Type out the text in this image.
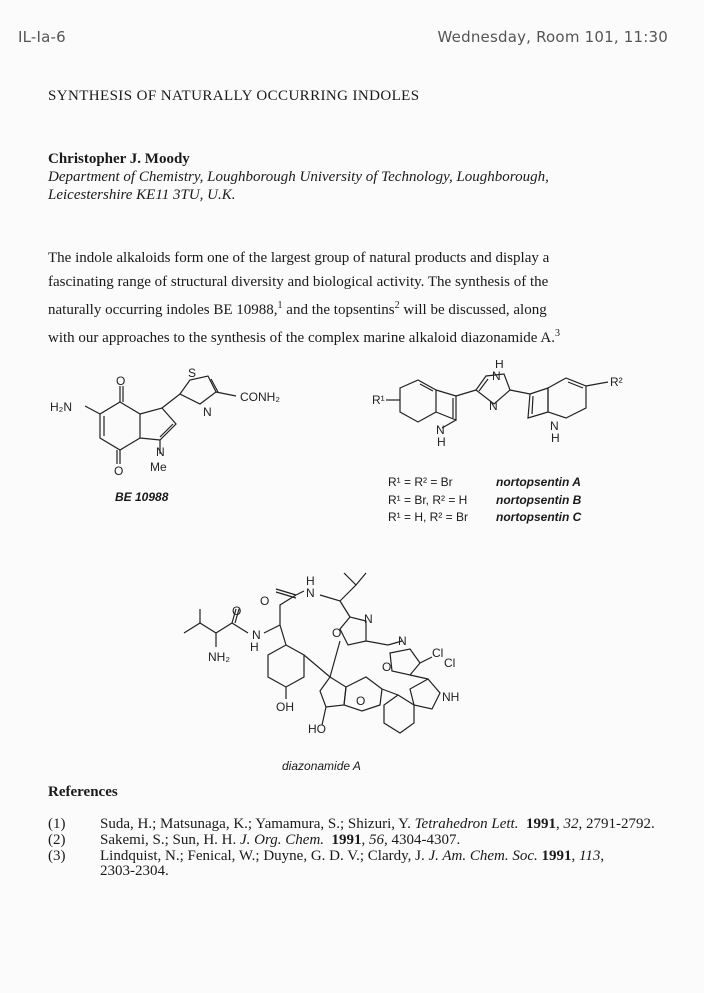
IL-Ia-6	Wednesday, Room 101, 11:30
SYNTHESIS OF NATURALLY OCCURRING INDOLES
Christopher J. Moody
Department of Chemistry, Loughborough University of Technology, Loughborough,
Leicestershire KE11 3TU, U.K.
The indole alkaloids form one of the largest group of natural products and display a
fascinating range of structural diversity and biological activity. The synthesis of the
naturally occurring indoles BE 10988,$^1$ and the topsentins$^2$ will be discussed, along
with our approaches to the synthesis of the complex marine alkaloid diazonamide A.$^3$
H₂N
O
O
S
N
CONH₂
N
Me
BE 10988
R¹
R²
H
N
N
N
H
N
H
R¹ = R² = Br	nortopsentin A
R¹ = Br, R² = H	nortopsentin B
R¹ = H, R² = Br	nortopsentin C
O
H
N
O
N
H
NH₂
O
N
N
O
Cl
Cl
NH
OH
HO
O
diazonamide A
References
(1)	Suda, H.; Matsunaga, K.; Yamamura, S.; Shizuri, Y. Tetrahedron Lett. 1991, 32, 2791-2792.
(2)	Sakemi, S.; Sun, H. H. J. Org. Chem. 1991, 56, 4304-4307.
(3)	Lindquist, N.; Fenical, W.; Duyne, G. D. V.; Clardy, J. J. Am. Chem. Soc. 1991, 113, 2303-2304.
